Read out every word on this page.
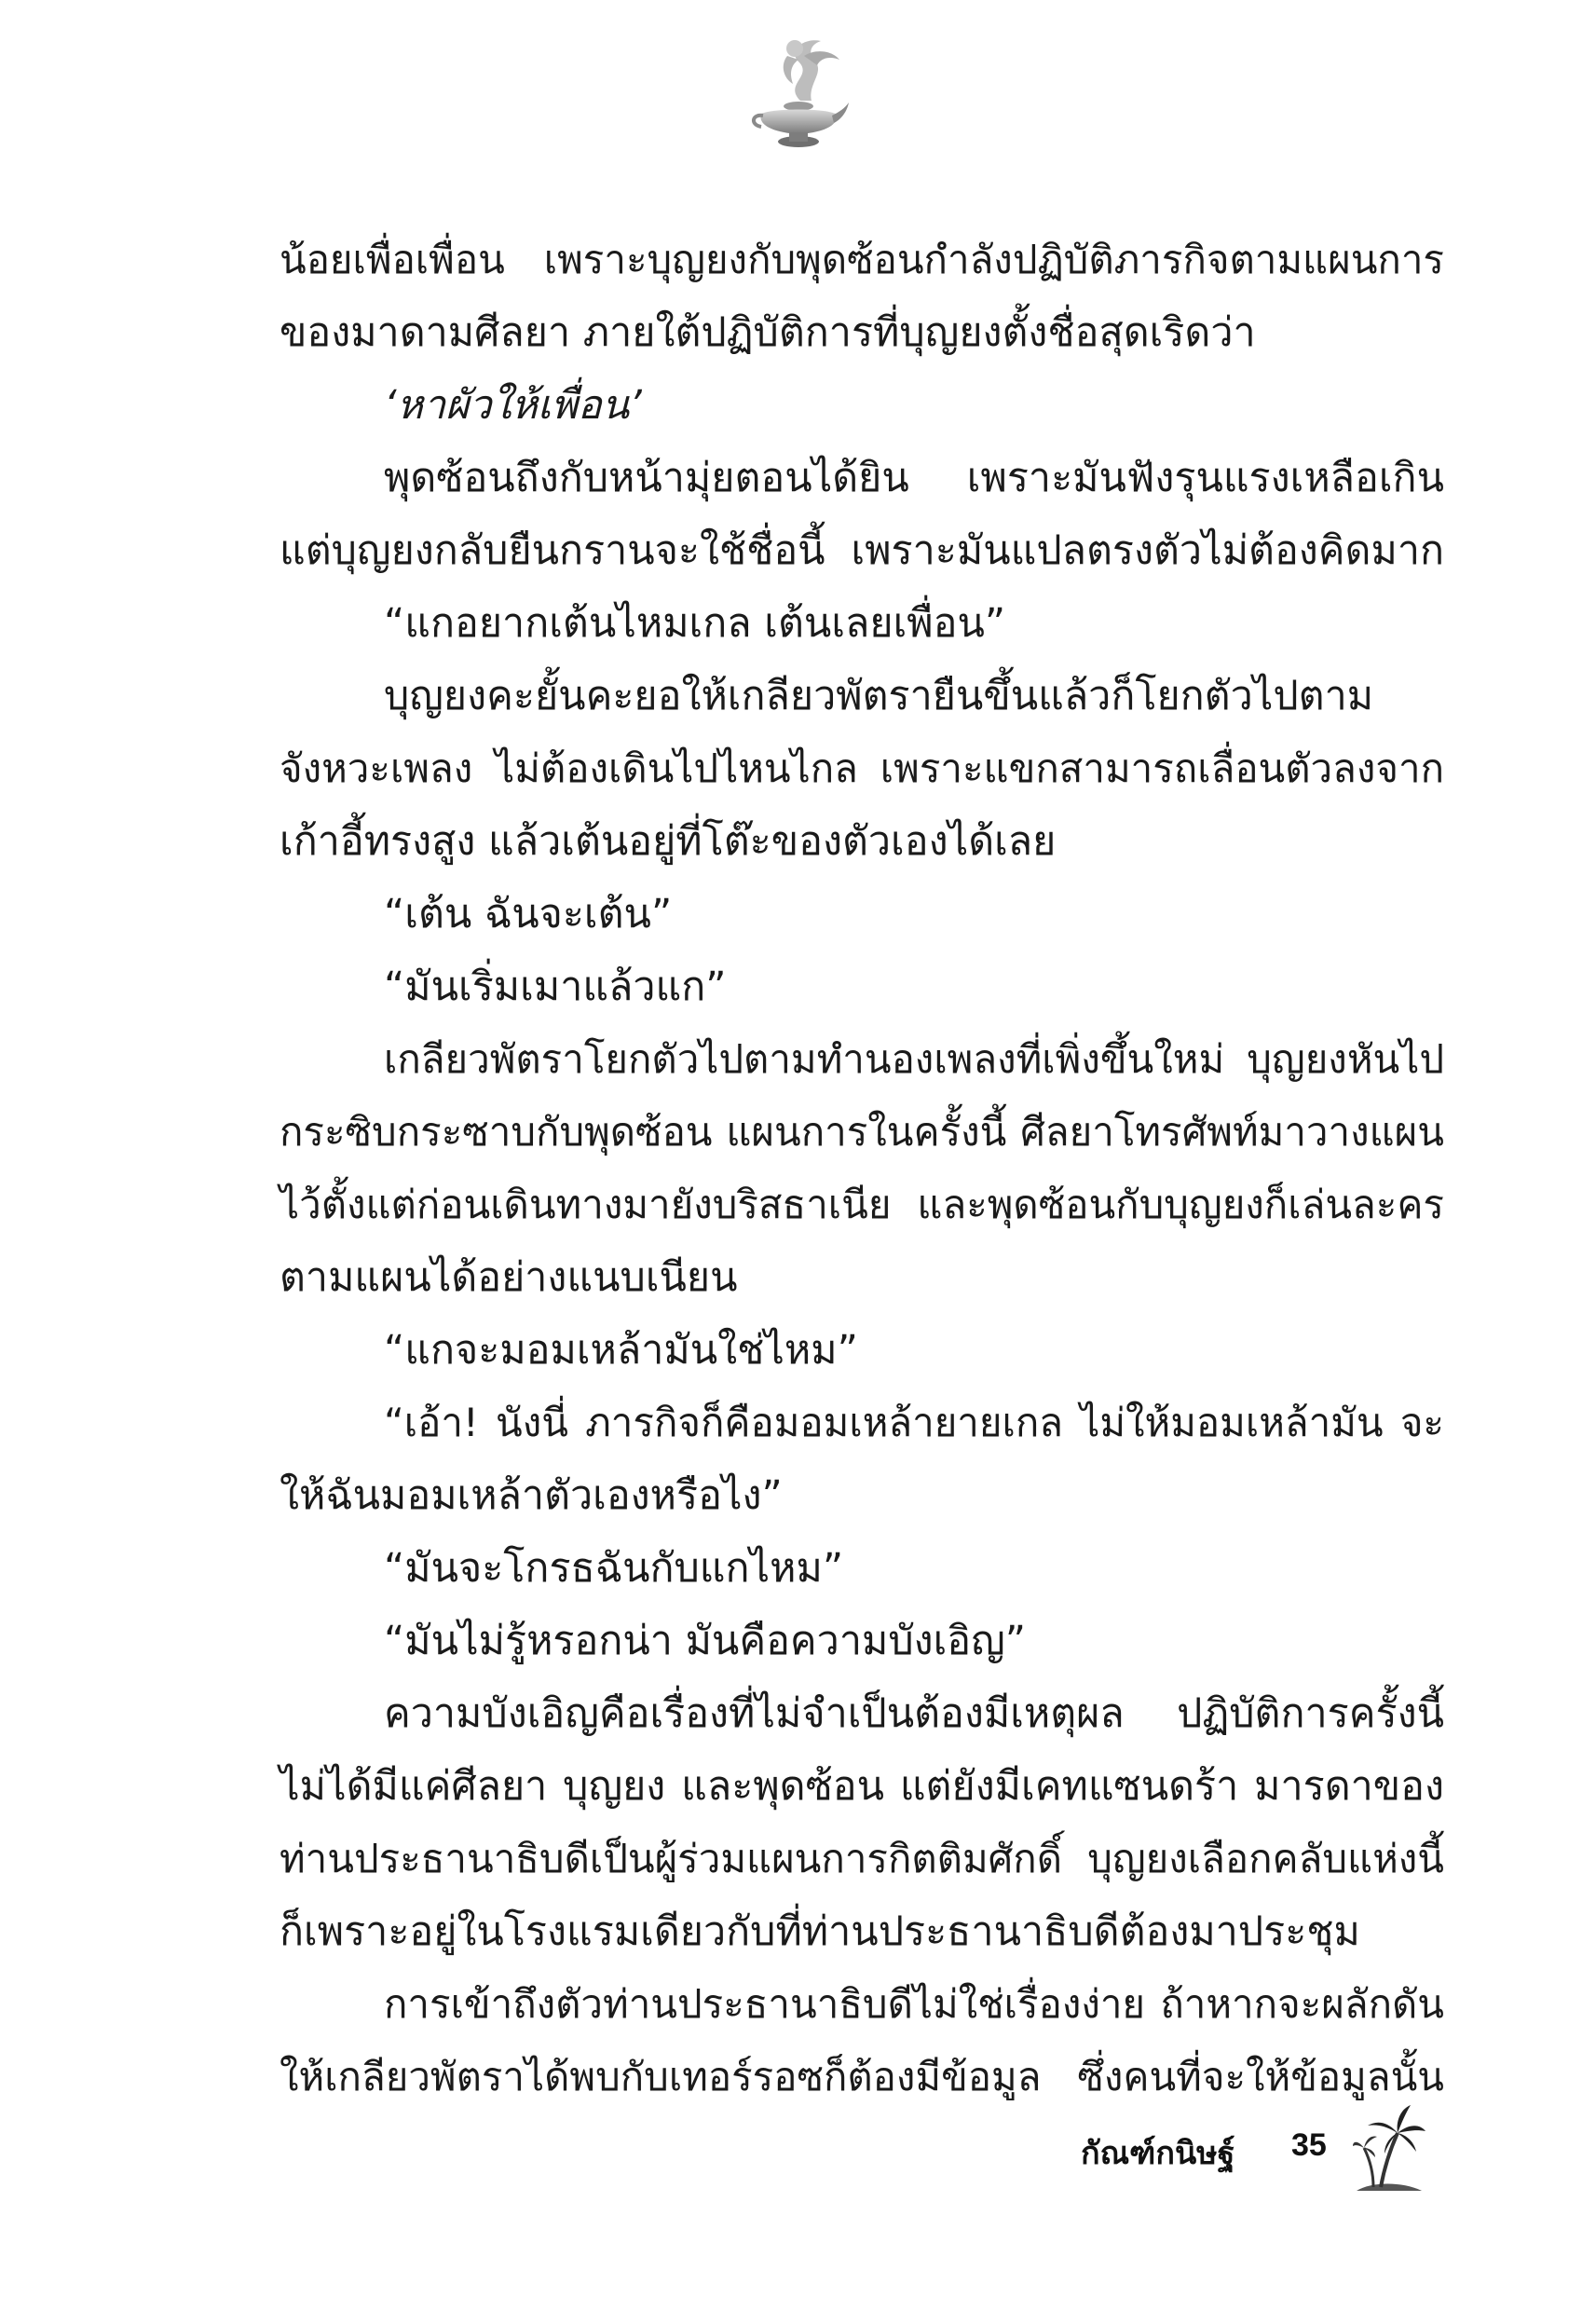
น้อยเพื่อเพื่อน เพราะบุญยงกับพุดซ้อนกำลังปฏิบัติภารกิจตามแผนการ
ของมาดามศีลยา ภายใต้ปฏิบัติการที่บุญยงตั้งชื่อสุดเริดว่า
‘หาผัวให้เพื่อน’
พุดซ้อนถึงกับหน้ามุ่ยตอนได้ยิน เพราะมันฟังรุนแรงเหลือเกิน
แต่บุญยงกลับยืนกรานจะใช้ชื่อนี้ เพราะมันแปลตรงตัวไม่ต้องคิดมาก
“แกอยากเต้นไหมเกล เต้นเลยเพื่อน”
บุญยงคะยั้นคะยอให้เกลียวพัตรายืนขึ้นแล้วก็โยกตัวไปตาม
จังหวะเพลง ไม่ต้องเดินไปไหนไกล เพราะแขกสามารถเลื่อนตัวลงจาก
เก้าอี้ทรงสูง แล้วเต้นอยู่ที่โต๊ะของตัวเองได้เลย
“เต้น ฉันจะเต้น”
“มันเริ่มเมาแล้วแก”
เกลียวพัตราโยกตัวไปตามทำนองเพลงที่เพิ่งขึ้นใหม่ บุญยงหันไป
กระซิบกระซาบกับพุดซ้อน แผนการในครั้งนี้ ศีลยาโทรศัพท์มาวางแผน
ไว้ตั้งแต่ก่อนเดินทางมายังบริสธาเนีย และพุดซ้อนกับบุญยงก็เล่นละคร
ตามแผนได้อย่างแนบเนียน
“แกจะมอมเหล้ามันใช่ไหม”
“เอ้า! นังนี่ ภารกิจก็คือมอมเหล้ายายเกล ไม่ให้มอมเหล้ามัน จะ
ให้ฉันมอมเหล้าตัวเองหรือไง”
“มันจะโกรธฉันกับแกไหม”
“มันไม่รู้หรอกน่า มันคือความบังเอิญ”
ความบังเอิญคือเรื่องที่ไม่จำเป็นต้องมีเหตุผล ปฏิบัติการครั้งนี้
ไม่ได้มีแค่ศีลยา บุญยง และพุดซ้อน แต่ยังมีเคทแซนดร้า มารดาของ
ท่านประธานาธิบดีเป็นผู้ร่วมแผนการกิตติมศักดิ์ บุญยงเลือกคลับแห่งนี้
ก็เพราะอยู่ในโรงแรมเดียวกับที่ท่านประธานาธิบดีต้องมาประชุม
การเข้าถึงตัวท่านประธานาธิบดีไม่ใช่เรื่องง่าย ถ้าหากจะผลักดัน
ให้เกลียวพัตราได้พบกับเทอร์รอซก็ต้องมีข้อมูล ซึ่งคนที่จะให้ข้อมูลนั้น
กัณฑ์กนิษฐ์ 35
